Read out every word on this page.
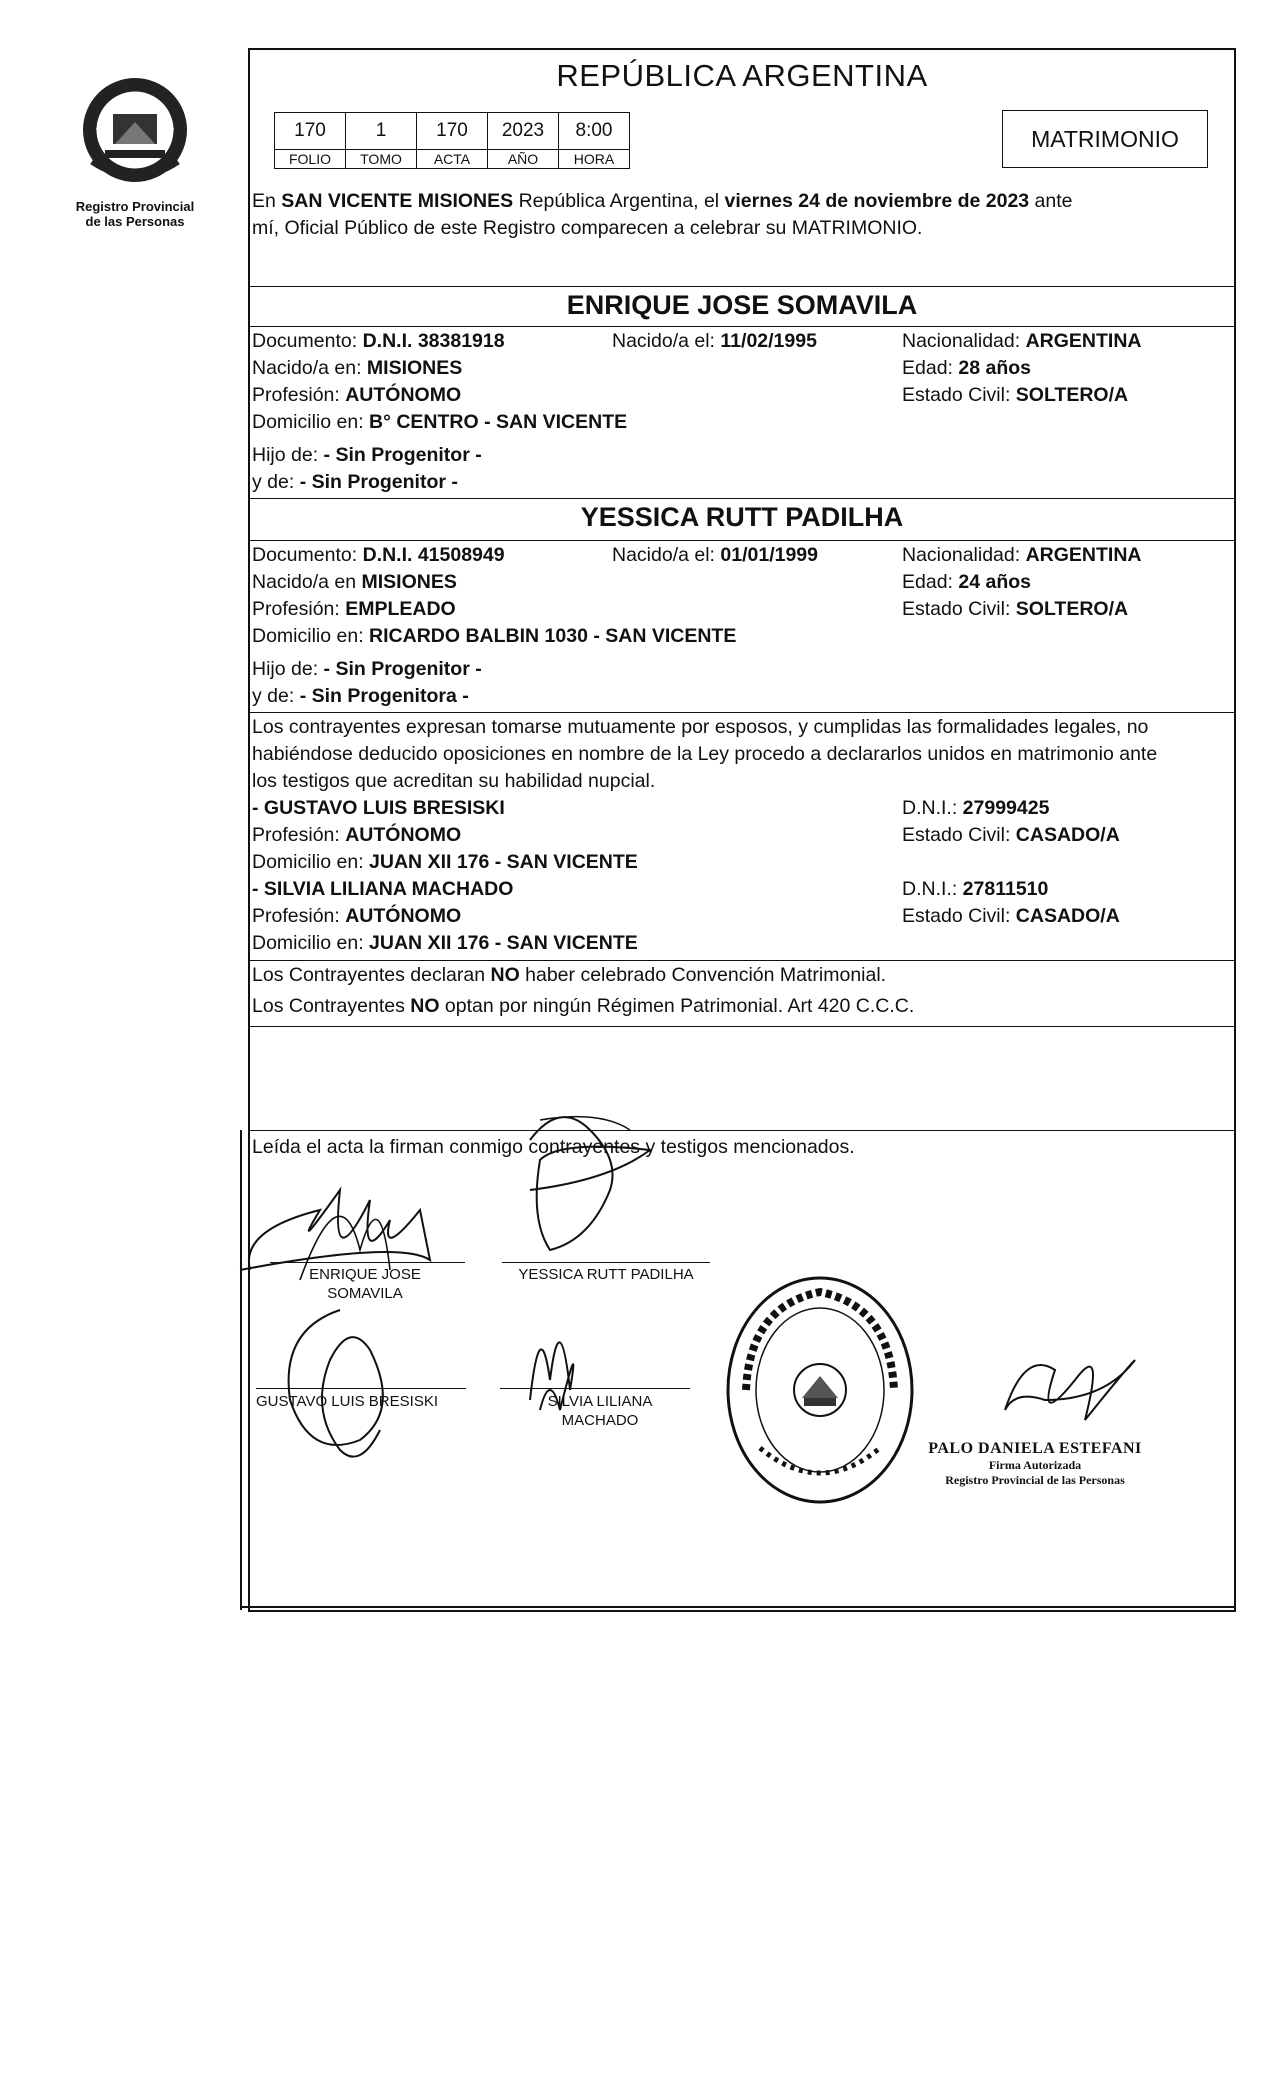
Registro Provincial
de las Personas
REPÚBLICA ARGENTINA
170	1	170	2023	8:00
FOLIO	TOMO	ACTA	AÑO	HORA
MATRIMONIO
En SAN VICENTE MISIONES República Argentina, el viernes 24 de noviembre de 2023 ante
mí, Oficial Público de este Registro comparecen a celebrar su MATRIMONIO.
ENRIQUE JOSE SOMAVILA
Documento: D.N.I. 38381918	Nacido/a el: 11/02/1995	Nacionalidad: ARGENTINA
Nacido/a en: MISIONES	Edad: 28 años
Profesión: AUTÓNOMO	Estado Civil: SOLTERO/A
Domicilio en: B° CENTRO - SAN VICENTE
Hijo de: - Sin Progenitor -
y de: - Sin Progenitor -
YESSICA RUTT PADILHA
Documento: D.N.I. 41508949	Nacido/a el: 01/01/1999	Nacionalidad: ARGENTINA
Nacido/a en MISIONES	Edad: 24 años
Profesión: EMPLEADO	Estado Civil: SOLTERO/A
Domicilio en: RICARDO BALBIN 1030 - SAN VICENTE
Hijo de: - Sin Progenitor -
y de: - Sin Progenitora -
Los contrayentes expresan tomarse mutuamente por esposos, y cumplidas las formalidades legales, no
habiéndose deducido oposiciones en nombre de la Ley procedo a declararlos unidos en matrimonio ante
los testigos que acreditan su habilidad nupcial.
- GUSTAVO LUIS BRESISKI	D.N.I.: 27999425
Profesión: AUTÓNOMO	Estado Civil: CASADO/A
Domicilio en: JUAN XII 176 - SAN VICENTE
- SILVIA LILIANA MACHADO	D.N.I.: 27811510
Profesión: AUTÓNOMO	Estado Civil: CASADO/A
Domicilio en: JUAN XII 176 - SAN VICENTE
Los Contrayentes declaran NO haber celebrado Convención Matrimonial.
Los Contrayentes NO optan por ningún Régimen Patrimonial. Art 420 C.C.C.
Leída el acta la firman conmigo contrayentes y testigos mencionados.
ENRIQUE JOSE
SOMAVILA
YESSICA RUTT PADILHA
GUSTAVO LUIS BRESISKI	SILVIA LILIANA
MACHADO
PALO DANIELA ESTEFANI
Firma Autorizada
Registro Provincial de las Personas
